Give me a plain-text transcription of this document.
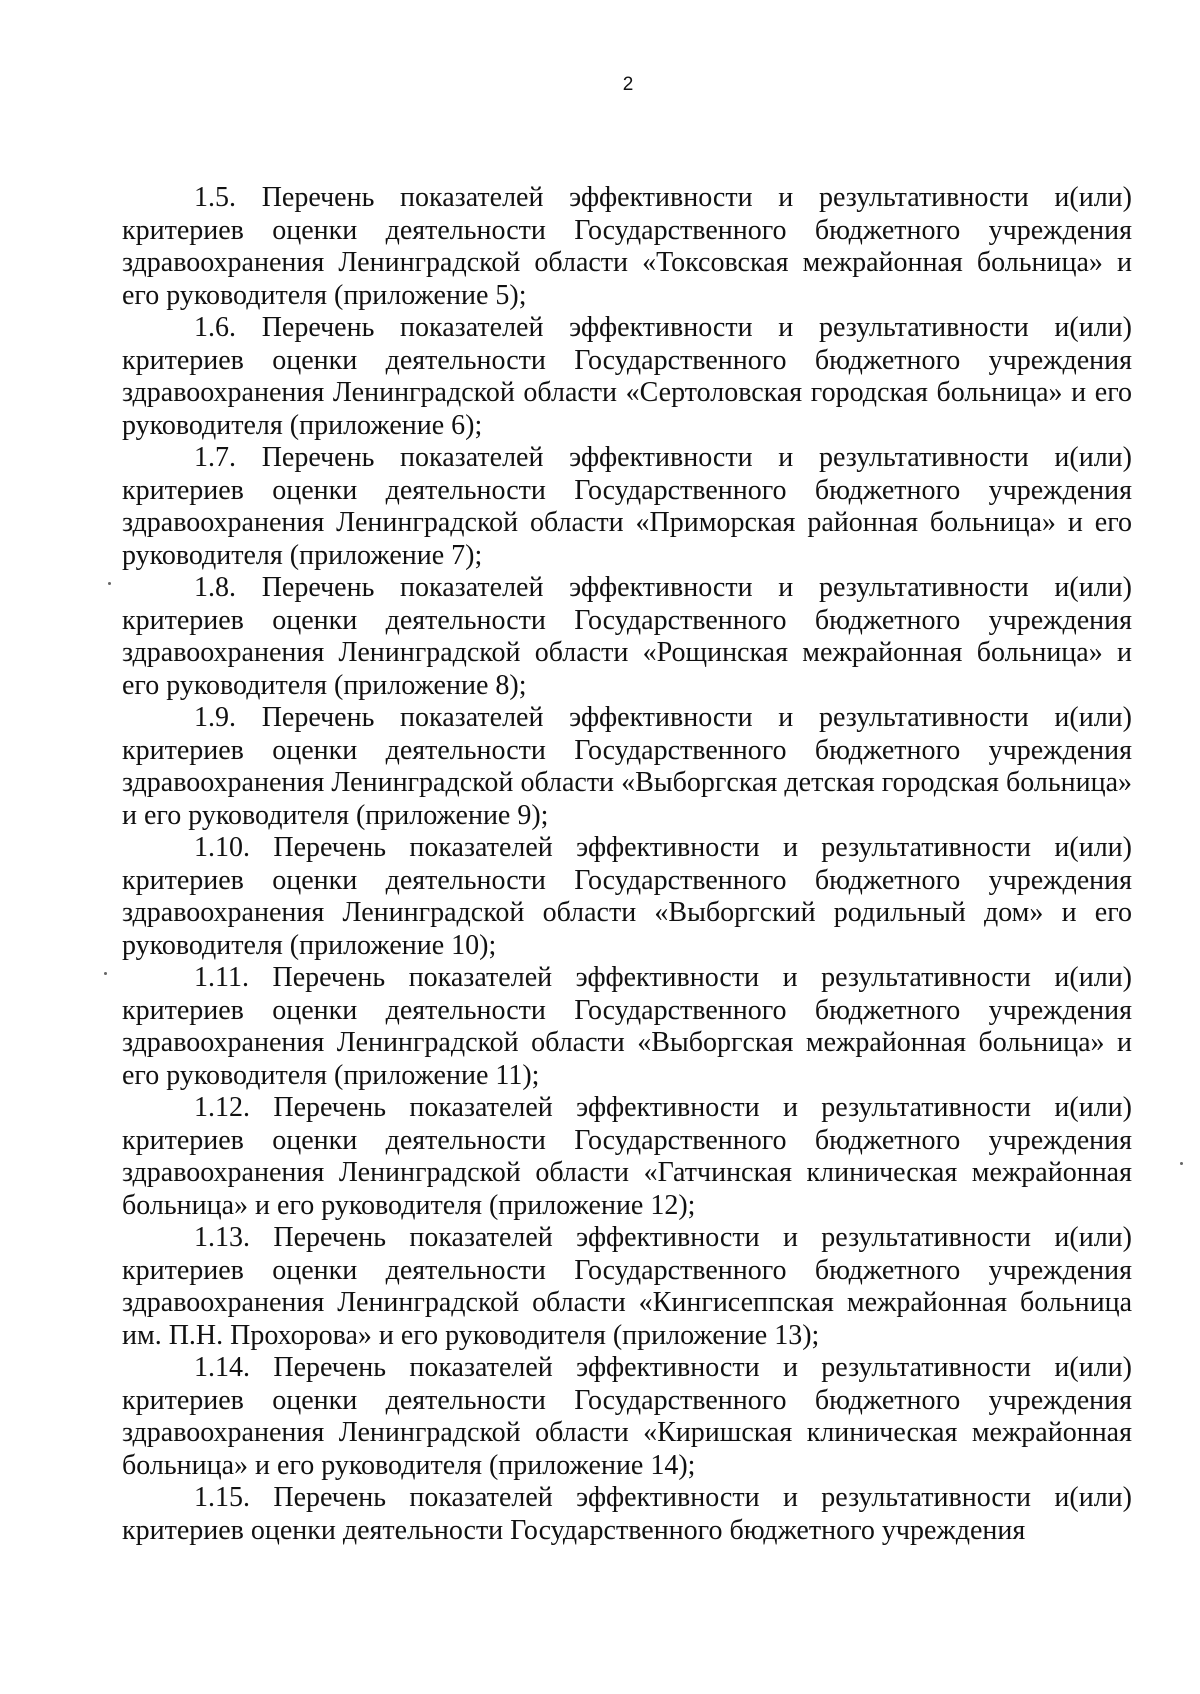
2

1.5. Перечень показателей эффективности и результативности и(или) критериев оценки деятельности Государственного бюджетного учреждения здравоохранения Ленинградской области «Токсовская межрайонная больница» и его руководителя (приложение 5);

1.6. Перечень показателей эффективности и результативности и(или) критериев оценки деятельности Государственного бюджетного учреждения здравоохранения Ленинградской области «Сертоловская городская больница» и его руководителя (приложение 6);

1.7. Перечень показателей эффективности и результативности и(или) критериев оценки деятельности Государственного бюджетного учреждения здравоохранения Ленинградской области «Приморская районная больница» и его руководителя (приложение 7);

1.8. Перечень показателей эффективности и результативности и(или) критериев оценки деятельности Государственного бюджетного учреждения здравоохранения Ленинградской области «Рощинская межрайонная больница» и его руководителя (приложение 8);

1.9. Перечень показателей эффективности и результативности и(или) критериев оценки деятельности Государственного бюджетного учреждения здравоохранения Ленинградской области «Выборгская детская городская больница» и его руководителя (приложение 9);

1.10. Перечень показателей эффективности и результативности и(или) критериев оценки деятельности Государственного бюджетного учреждения здравоохранения Ленинградской области «Выборгский родильный дом» и его руководителя (приложение 10);

1.11. Перечень показателей эффективности и результативности и(или) критериев оценки деятельности Государственного бюджетного учреждения здравоохранения Ленинградской области «Выборгская межрайонная больница» и его руководителя (приложение 11);

1.12. Перечень показателей эффективности и результативности и(или) критериев оценки деятельности Государственного бюджетного учреждения здравоохранения Ленинградской области «Гатчинская клиническая межрайонная больница» и его руководителя (приложение 12);

1.13. Перечень показателей эффективности и результативности и(или) критериев оценки деятельности Государственного бюджетного учреждения здравоохранения Ленинградской области «Кингисеппская межрайонная больница им. П.Н. Прохорова» и его руководителя (приложение 13);

1.14. Перечень показателей эффективности и результативности и(или) критериев оценки деятельности Государственного бюджетного учреждения здравоохранения Ленинградской области «Киришская клиническая межрайонная больница» и его руководителя (приложение 14);

1.15. Перечень показателей эффективности и результативности и(или) критериев оценки деятельности Государственного бюджетного учреждения
